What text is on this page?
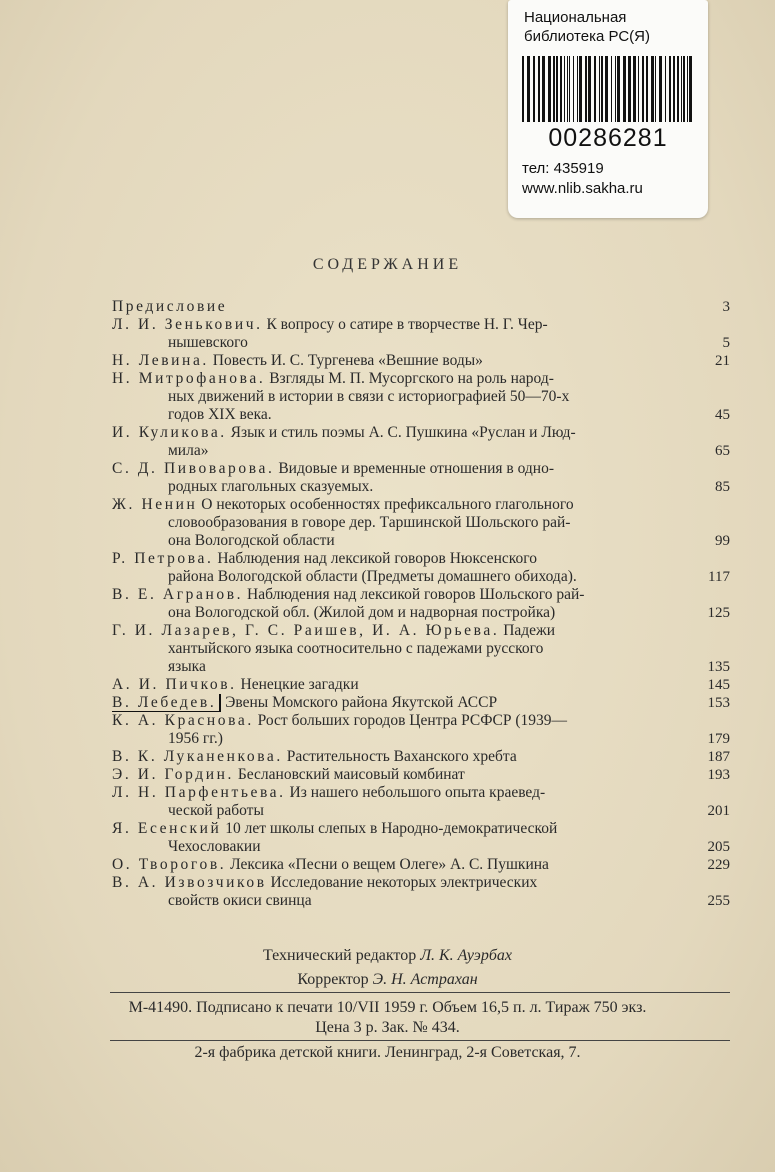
Национальная
библиотека РС(Я)
00286281
тел: 435919
www.nlib.sakha.ru
СОДЕРЖАНИЕ
Предисловие	3
Л. И. Зенькович. К вопросу о сатире в творчестве Н. Г. Чер-
нышевского	5
Н. Левина. Повесть И. С. Тургенева «Вешние воды»	21
Н. Митрофанова. Взгляды М. П. Мусоргского на роль народ-
ных движений в истории в связи с историографией 50—70-х
годов XIX века.	45
И. Куликова. Язык и стиль поэмы А. С. Пушкина «Руслан и Люд-
мила»	65
С. Д. Пивоварова. Видовые и временные отношения в одно-
родных глагольных сказуемых.	85
Ж. Ненин О некоторых особенностях префиксального глагольного
словообразования в говоре дер. Таршинской Шольского рай-
она Вологодской области	99
Р. Петрова. Наблюдения над лексикой говоров Нюксенского
района Вологодской области (Предметы домашнего обихода).	117
В. Е. Агранов. Наблюдения над лексикой говоров Шольского рай-
она Вологодской обл. (Жилой дом и надворная постройка)	125
Г. И. Лазарев, Г. С. Раишев, И. А. Юрьева. Падежи
хантыйского языка соотносительно с падежами русского
языка	135
А. И. Пичков. Ненецкие загадки	145
В. Лебедев. Эвены Момского района Якутской АССР	153
К. А. Краснова. Рост больших городов Центра РСФСР (1939—
1956 гг.)	179
В. К. Луканенкова. Растительность Ваханского хребта	187
Э. И. Гордин. Беслановский маисовый комбинат	193
Л. Н. Парфентьева. Из нашего небольшого опыта краевед-
ческой работы	201
Я. Есенский 10 лет школы слепых в Народно-демократической
Чехословакии	205
О. Творогов. Лексика «Песни о вещем Олеге» А. С. Пушкина	229
В. А. Извозчиков Исследование некоторых электрических
свойств окиси свинца	255
Технический редактор Л. К. Ауэрбах
Корректор Э. Н. Астрахан
М-41490. Подписано к печати 10/VII 1959 г. Объем 16,5 п. л. Тираж 750 экз.
Цена 3 р. Зак. № 434.
2-я фабрика детской книги. Ленинград, 2-я Советская, 7.
